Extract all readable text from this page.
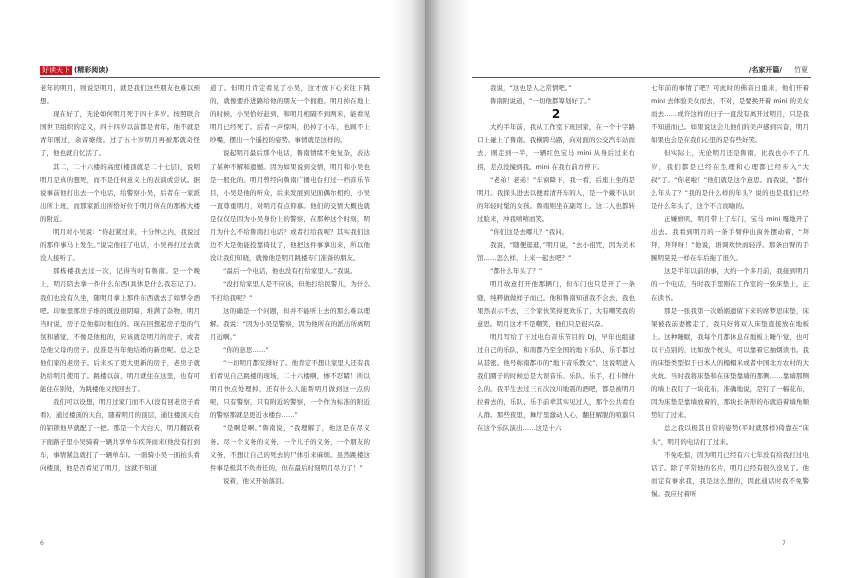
好读天下 (精彩阅读)

老年的明月，则说是明月，就是我们这些朋友也难以预想。

现在好了，无论如何明月死于四十多岁。按照联合国世卫组织的定义，四十四岁以前都是青年。他不就是青年刚过，余音缭绕。过了五十岁明月再被那就奇怪了，他也就自忆活了。

其二，二十六楼的高度(楼顶就是二十七层)，说明明月是真的想死，而不是任何意义上的表演或尝试。据说事前他打出去一个电话，给警察小吴，后者在一家派出所上班，而那家派出所恰好位于明月所在的那栋大楼的附近。

明月对小吴说：“你赶紧过来，十分钟之内，我说过的那件事马上发生。”说完他挂了电话，小吴再打过去就没人接听了。

那栋楼我去过一次，记得当时有鲁南。是一个晚上，明月陪去拿一件什么东西(具体是什么我忘记了)。我们也没有久坐，随明月拿上那件东西就去了如梦令酒吧。印象里那房子堆的既没很阴暗，堆满了杂物，明月当时说，房子是他临时租住的。现在回想起房子里的气氛和感觉，不像是他租的，应该就是明月的房子，或者是他父母的房子。没准是当年他结婚的新房呢。总之是他们家的老房子。后来买了更大更新的房子，老房子就扔给明月使用了。跳楼以前，明月就住在这里，也有可能住在别处，为跳楼他又找回去了。

我们可以设想，明月过家门而不入(没有回老房子看看)，通过楼顶的天台，随着明月的顶层，通往楼顶天台的铝锁他早就配了一把。那是一个大白天，明月翻跃着下面路子里小吴骑着一辆共享单车疾奔而来(他没有打到车，事情紧急就打了一辆单车)。一面骑小吴一面抬头看向楼顶，他是否看见了明月，这就不知道

道了。但明月肯定看见了小吴，这才放下心来往下跳的，就像要扑进路给他的朋友一个拥抱。明月掉在地上的时候，小吴恰好赶到，和明月相隔不到两米，能看见明月已经死了。后者一声惊叫，扔掉了小车，也顾不上吵嘴，摆出一个遥控的姿势。事情就是这样的。

说起明月最后那个电话，鲁南情绪不免复杂，表达了某种不解和遗憾。因为如果说到交情，明月和小吴也是一般化的。明月曾经向鲁南广播电台打过一档音乐节目，小吴是他的听众，后来发展到见面偶尔相约，小吴一直尊重明月，对明月有点仰慕。他们的交情大概也就是仅仅是因为小吴身份上的警察，在那种这个时刻，明月为什么不给鲁南打电话？或者打给我呢？其实我们这边不大是他能投靠倚仗了，他把这件事拿出来，所以他没让我们知晓，就像他是明月跳楼专门准备的朋友。

“最后一个电话，他也没有打给家里人。”我说。

“没打给家里人是不应该，但他打给民警儿，为什么不打给我呢？”

这的确是一个问题，但并不能听上去的那么难以理解。我说：“因为小吴是警察，因为他所在的派出所离明月近啊。”

“你的意思……”

“一切明月都安排好了。他肯定不想让家里人还有我们看见自己跳楼的现场，二十六楼啊，惨不忍睹！所以明月快点处理掉，还有什么人能帮明月做到这一点的呢，只有警察，只有附近的警察，一个作为标准的附近的警察那就是更近水楼台……”

“是啊是啊。”鲁南说，“我理解了，他这是在尽义务。尽一个义务的义务，一个儿子的义务，一个朋友的义务，不想让自己的死去的尸体引来麻烦。虽然跳楼这件事是极其不负责任的，但在最后时刻明月尽力了！”

说着，他又开始落泪。

6
/名家开篇/ 竹夏

我说，“这也是人之常情吧。”

鲁南附说道，“一切他都筹划好了。”

2

大约半年前，我从工作室下班回家，在一个十字路口上碰上了鲁南。我横跨马路，向对面的公交汽车站而去，刚走到一半，一辆红色宝马 mini 从身后过来右拐，差点没撞到我。mini 在我右前方停下。

“老弟！老弟！”车窗降下，我一看，后座上坐的是明月。我探头进去以便看清开车的人，是一个戴不认识的年轻时髦的女孩。鲁南则坐在副驾上。这二人也都转过脸来，冲我嘻嘻而笑。

“你们这是去哪儿？”我问。

我说，“随便逛逛，”明月说，“去小祖咒，因为美术馆……怎么样，上来一起去吧？”

“都什么年头了？”

明月故意打开他那辆门，但车门也只是开了一条缝，纯粹做做样子而已。他和鲁南知道我不会去，我也果然表示不去，三个家伙笑得更欢乐了，大有嘲笑我的意思。明月这才不是嘲笑，他们只是很兴奋。

明月写给了干过电台音乐节目的 DJ，早年也组建过自己的乐队，和南都乃至全国的地下乐队、乐手都过从甚密。他号称南都市的“地下音乐教父”，这说明进入我们圈子的时候总是大误音乐、乐队、乐手，打卡牌什么的。我平生去过三五次汶川地震的酒吧，都是被明月拉着去的，乐队、乐手前辈其实见过人，那个公共看台人群。那些夜里，舞厅里激动人心，翻狂解脱的喧嚣只在这个乐队演出……这是十六

七年前的事情了吧？可此时的佛音日重来，他们开着 mini 去体验美女而去，不对，是要换开着 mini 的美女而去……或许这样的日子一直没有离开过明月，只是我不知道而已。如果说这会儿他们的美声感到兴奋，明月如果也会是在我们心里的是有些好笑。

但实际上，无论明月还是鲁南，比我也小不了几岁，我们都是已经在生理和心理都已经步入“大叔”了。“你老啦！”他们就是这个意思。而我说，“都什么年头了？”我的是什么样的年头？说的也是我们已经是什么年头了，这个不言而喻的。

正嫌磨叽，明月带上了车门，宝马 mini 嘎地开了出去。我看到明月的一条手臂伸出窗外摆动着，“拜拜，拜拜呀！”他说，语调欢快而轻浮。那条白臂的手腕明晃晃一样在车后拖了很久。

这是半年以前的事，大约一个多月前，我接到明月的一个电话，当时我手里刚在工作室的一张床垫上，正在读书。

那是一张我第一次婚姻遗留下来的席梦思床垫，床架被我前妻搬走了，我只好将双人床垫直接放在地板上。这种睡眠，我每个月都休息在地板上睡午觉，也可以干点别的，比如放个枕头，可以靠着它抽烟读书。我的床垫类型似于日本人的榻榻米或者中国北方农村的大火炕。当时我将床垫和在床垫靠墙的那侧……靠墙那侧的墙上我钉了一块花布，准确地说，是钉了一幅花布，因为床垫是靠墙放着的，那块长条形的布就沿着墙角顺势钉了过来。

总之我以极其日常的姿势(平时就那样)倚靠在“床头”，明月的电话打了过来。

不免吃惊，因为明月已经有六七年没有给我打过电话了。除了平常他的名片，明月已经有很久没见了。他而定有事求我，我是这么想的，因此通话时我不免警惕。我应付着听

7
